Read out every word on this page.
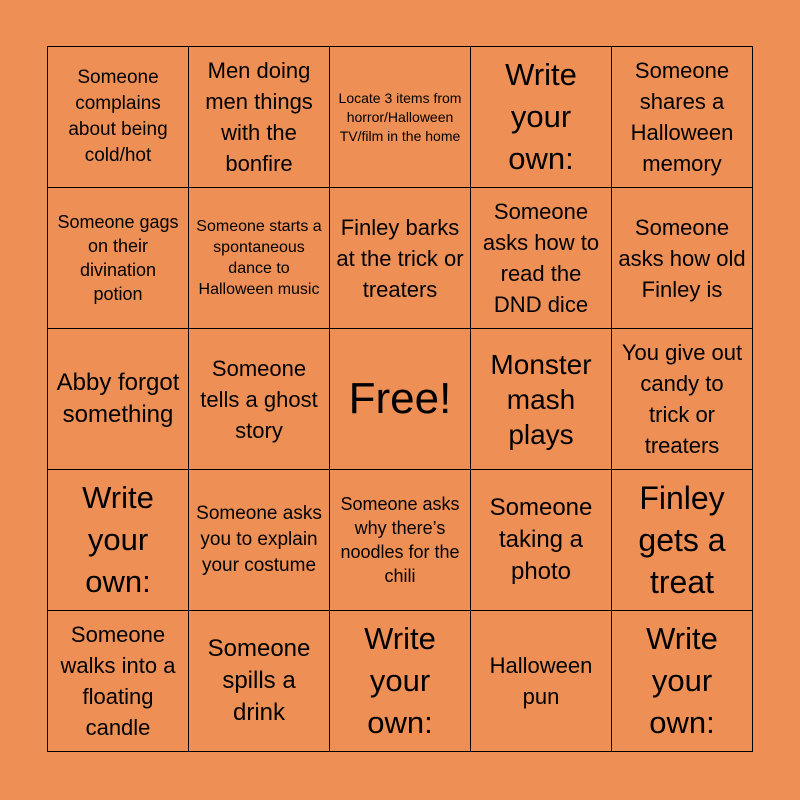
Someone complains about being cold/hot
Men doing men things with the bonfire
Locate 3 items from horror/Halloween TV/film in the home
Write your own:
Someone shares a Halloween memory
Someone gags on their divination potion
Someone starts a spontaneous dance to Halloween music
Finley barks at the trick or treaters
Someone asks how to read the DND dice
Someone asks how old Finley is
Abby forgot something
Someone tells a ghost story
Free!
Monster mash plays
You give out candy to trick or treaters
Write your own:
Someone asks you to explain your costume
Someone asks why there’s noodles for the chili
Someone taking a photo
Finley gets a treat
Someone walks into a floating candle
Someone spills a drink
Write your own:
Halloween pun
Write your own:
